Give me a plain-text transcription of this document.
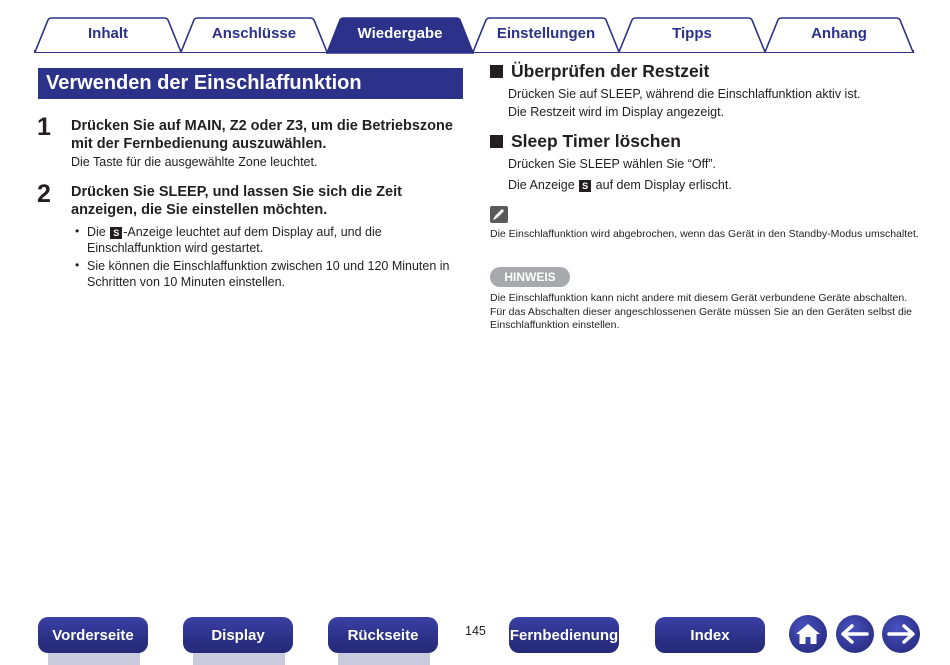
Inhalt	Anschlüsse	Wiedergabe	Einstellungen	Tipps	Anhang
Verwenden der Einschlaffunktion
1 Drücken Sie auf MAIN, Z2 oder Z3, um die Betriebszone mit der Fernbedienung auszuwählen.
Die Taste für die ausgewählte Zone leuchtet.
2 Drücken Sie SLEEP, und lassen Sie sich die Zeit anzeigen, die Sie einstellen möchten.
• Die S -Anzeige leuchtet auf dem Display auf, und die Einschlaffunktion wird gestartet.
• Sie können die Einschlaffunktion zwischen 10 und 120 Minuten in Schritten von 10 Minuten einstellen.
Überprüfen der Restzeit
Drücken Sie auf SLEEP, während die Einschlaffunktion aktiv ist.
Die Restzeit wird im Display angezeigt.
Sleep Timer löschen
Drücken Sie SLEEP wählen Sie “Off”.
Die Anzeige S auf dem Display erlischt.
Die Einschlaffunktion wird abgebrochen, wenn das Gerät in den Standby-Modus umschaltet.
HINWEIS
Die Einschlaffunktion kann nicht andere mit diesem Gerät verbundene Geräte abschalten. Für das Abschalten dieser angeschlossenen Geräte müssen Sie an den Geräten selbst die Einschlaffunktion einstellen.
Vorderseite	Display	Rückseite	145 Fernbedienung	Index
